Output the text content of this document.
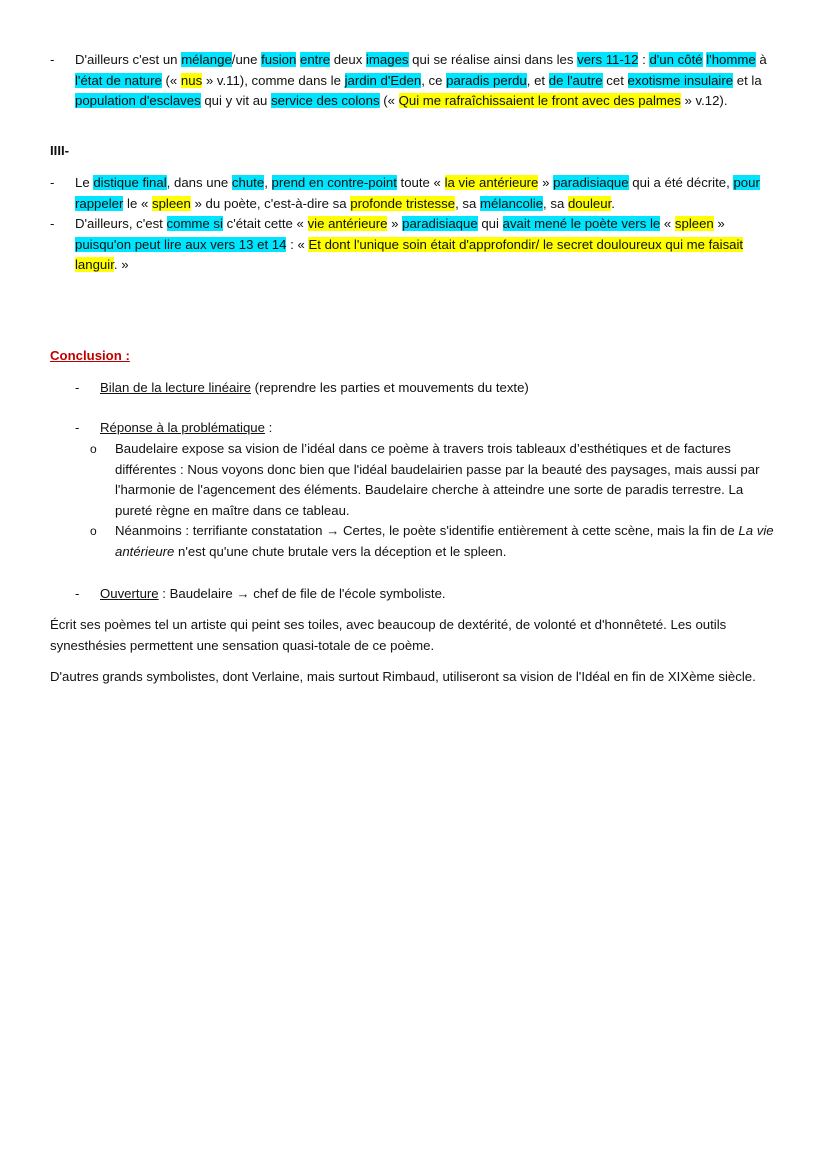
- D'ailleurs c'est un mélange/une fusion entre deux images qui se réalise ainsi dans les vers 11-12 : d'un côté l'homme à l'état de nature (« nus » v.11), comme dans le jardin d'Eden, ce paradis perdu, et de l'autre cet exotisme insulaire et la population d'esclaves qui y vit au service des colons (« Qui me rafraîchissaient le front avec des palmes » v.12).
IIII-
- Le distique final, dans une chute, prend en contre-point toute « la vie antérieure » paradisiaque qui a été décrite, pour rappeler le « spleen » du poète, c'est-à-dire sa profonde tristesse, sa mélancolie, sa douleur.
- D'ailleurs, c'est comme si c'était cette « vie antérieure » paradisiaque qui avait mené le poète vers le « spleen » puisqu'on peut lire aux vers 13 et 14 : « Et dont l'unique soin était d'approfondir/ le secret douloureux qui me faisait languir. »
Conclusion :
- Bilan de la lecture linéaire (reprendre les parties et mouvements du texte)
- Réponse à la problématique :
o Baudelaire expose sa vision de l’idéal dans ce poème à travers trois tableaux d’esthétiques et de factures différentes : Nous voyons donc bien que l'idéal baudelairien passe par la beauté des paysages, mais aussi par l'harmonie de l'agencement des éléments. Baudelaire cherche à atteindre une sorte de paradis terrestre. La pureté règne en maître dans ce tableau.
o Néanmoins : terrifiante constatation → Certes, le poète s'identifie entièrement à cette scène, mais la fin de La vie antérieure n'est qu'une chute brutale vers la déception et le spleen.
- Ouverture : Baudelaire → chef de file de l'école symboliste.
Écrit ses poèmes tel un artiste qui peint ses toiles, avec beaucoup de dextérité, de volonté et d'honnêteté. Les outils synesthésies permettent une sensation quasi-totale de ce poème.
D'autres grands symbolistes, dont Verlaine, mais surtout Rimbaud, utiliseront sa vision de l'Idéal en fin de XIXème siècle.
